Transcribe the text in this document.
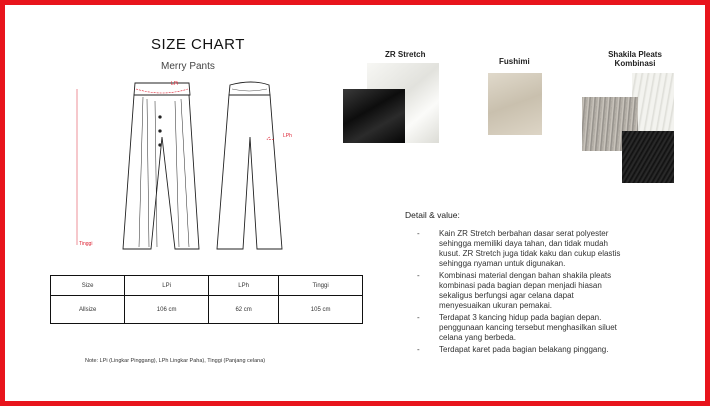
SIZE CHART
Merry Pants
LPi
LPh
Tinggi
Size	LPi	LPh	Tinggi
Allsize	106 cm	62 cm	105 cm
Note: LPi (Lingkar Pinggang), LPh Lingkar Paha), Tinggi (Panjang celana)
ZR Stretch
Fushimi
Shakila Pleats
Kombinasi
Detail & value:
- Kain ZR Stretch berbahan dasar serat polyester sehingga memiliki daya tahan, dan tidak mudah kusut. ZR Stretch juga tidak kaku dan cukup elastis sehingga nyaman untuk digunakan.
- Kombinasi material dengan bahan shakila pleats kombinasi pada bagian depan menjadi hiasan sekaligus berfungsi agar celana dapat menyesuaikan ukuran pemakai.
- Terdapat 3 kancing hidup pada bagian depan. penggunaan kancing tersebut menghasilkan siluet celana yang berbeda.
- Terdapat karet pada bagian belakang pinggang.
